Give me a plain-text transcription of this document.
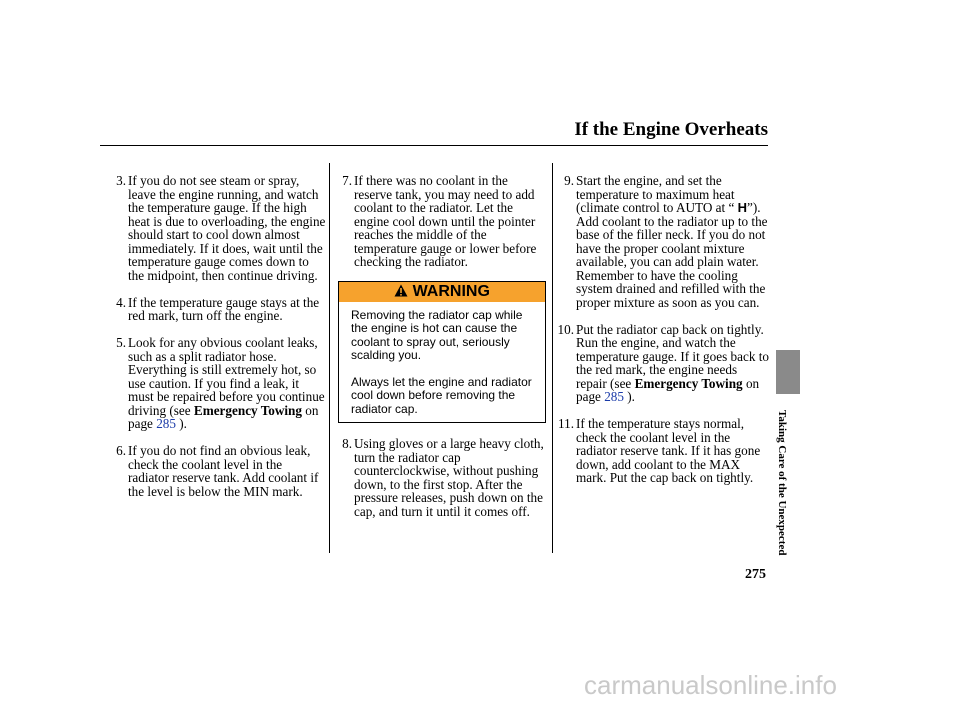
If the Engine Overheats
3. If you do not see steam or spray, leave the engine running, and watch the temperature gauge. If the high heat is due to overloading, the engine should start to cool down almost immediately. If it does, wait until the temperature gauge comes down to the midpoint, then continue driving.
4. If the temperature gauge stays at the red mark, turn off the engine.
5. Look for any obvious coolant leaks, such as a split radiator hose. Everything is still extremely hot, so use caution. If you find a leak, it must be repaired before you continue driving (see Emergency Towing on page 285 ).
6. If you do not find an obvious leak, check the coolant level in the radiator reserve tank. Add coolant if the level is below the MIN mark.
7. If there was no coolant in the reserve tank, you may need to add coolant to the radiator. Let the engine cool down until the pointer reaches the middle of the temperature gauge or lower before checking the radiator.
WARNING

Removing the radiator cap while the engine is hot can cause the coolant to spray out, seriously scalding you.

Always let the engine and radiator cool down before removing the radiator cap.

8. Using gloves or a large heavy cloth, turn the radiator cap counterclockwise, without pushing down, to the first stop. After the pressure releases, push down on the cap, and turn it until it comes off.
9. Start the engine, and set the temperature to maximum heat (climate control to AUTO at “ H”). Add coolant to the radiator up to the base of the filler neck. If you do not have the proper coolant mixture available, you can add plain water. Remember to have the cooling system drained and refilled with the proper mixture as soon as you can.
10. Put the radiator cap back on tightly. Run the engine, and watch the temperature gauge. If it goes back to the red mark, the engine needs repair (see Emergency Towing on page 285 ).
11. If the temperature stays normal, check the coolant level in the radiator reserve tank. If it has gone down, add coolant to the MAX mark. Put the cap back on tightly.	Taking Care of the Unexpected
275
carmanualsonline.info
